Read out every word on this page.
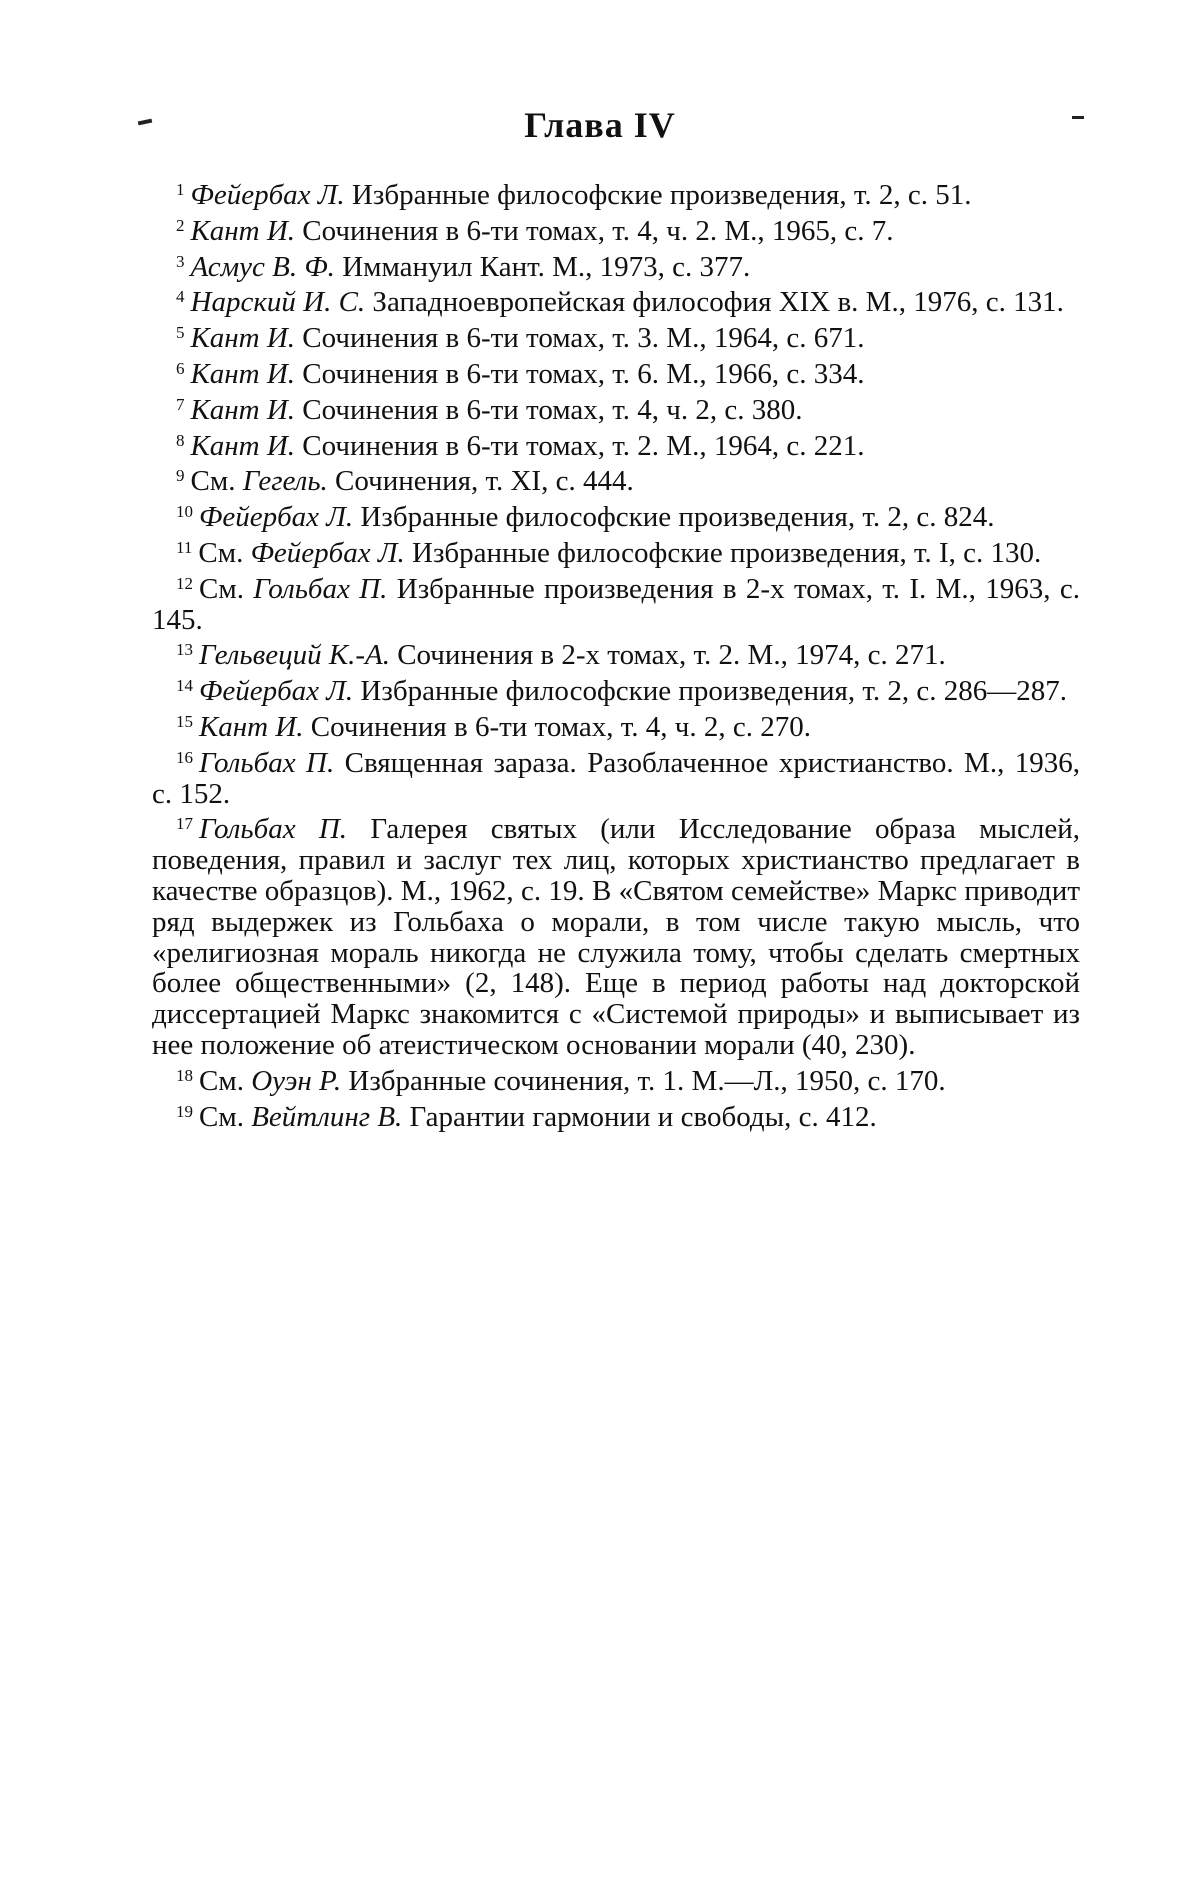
Глава IV

$^1$ Фейербах Л. Избранные философские произведения, т. 2, с. 51.

$^2$ Кант И. Сочинения в 6-ти томах, т. 4, ч. 2. М., 1965, с. 7.

$^3$ Асмус В. Ф. Иммануил Кант. М., 1973, с. 377.

$^4$ Нарский И. С. Западноевропейская философия XIX в. М., 1976, с. 131.

$^5$ Кант И. Сочинения в 6-ти томах, т. 3. М., 1964, с. 671.

$^6$ Кант И. Сочинения в 6-ти томах, т. 6. М., 1966, с. 334.

$^7$ Кант И. Сочинения в 6-ти томах, т. 4, ч. 2, с. 380.

$^8$ Кант И. Сочинения в 6-ти томах, т. 2. М., 1964, с. 221.

$^9$ См. Гегель. Сочинения, т. XI, с. 444.

$^{10}$ Фейербах Л. Избранные философские произведения, т. 2, с. 824.

$^{11}$ См. Фейербах Л. Избранные философские произведения, т. I, с. 130.

$^{12}$ См. Гольбах П. Избранные произведения в 2-х томах, т. I. М., 1963, с. 145.

$^{13}$ Гельвеций К.-А. Сочинения в 2-х томах, т. 2. М., 1974, с. 271.

$^{14}$ Фейербах Л. Избранные философские произведения, т. 2, с. 286—287.

$^{15}$ Кант И. Сочинения в 6-ти томах, т. 4, ч. 2, с. 270.

$^{16}$ Гольбах П. Священная зараза. Разоблаченное христианство. М., 1936, с. 152.

$^{17}$ Гольбах П. Галерея святых (или Исследование образа мыслей, поведения, правил и заслуг тех лиц, которых христианство предлагает в качестве образцов). М., 1962, с. 19. В «Святом семействе» Маркс приводит ряд выдержек из Гольбаха о морали, в том числе такую мысль, что «религиозная мораль никогда не служила тому, чтобы сделать смертных более общественными» (2, 148). Еще в период работы над докторской диссертацией Маркс знакомится с «Системой природы» и выписывает из нее положение об атеистическом основании морали (40, 230).

$^{18}$ См. Оуэн Р. Избранные сочинения, т. 1. М.—Л., 1950, с. 170.

$^{19}$ См. Вейтлинг В. Гарантии гармонии и свободы, с. 412.
